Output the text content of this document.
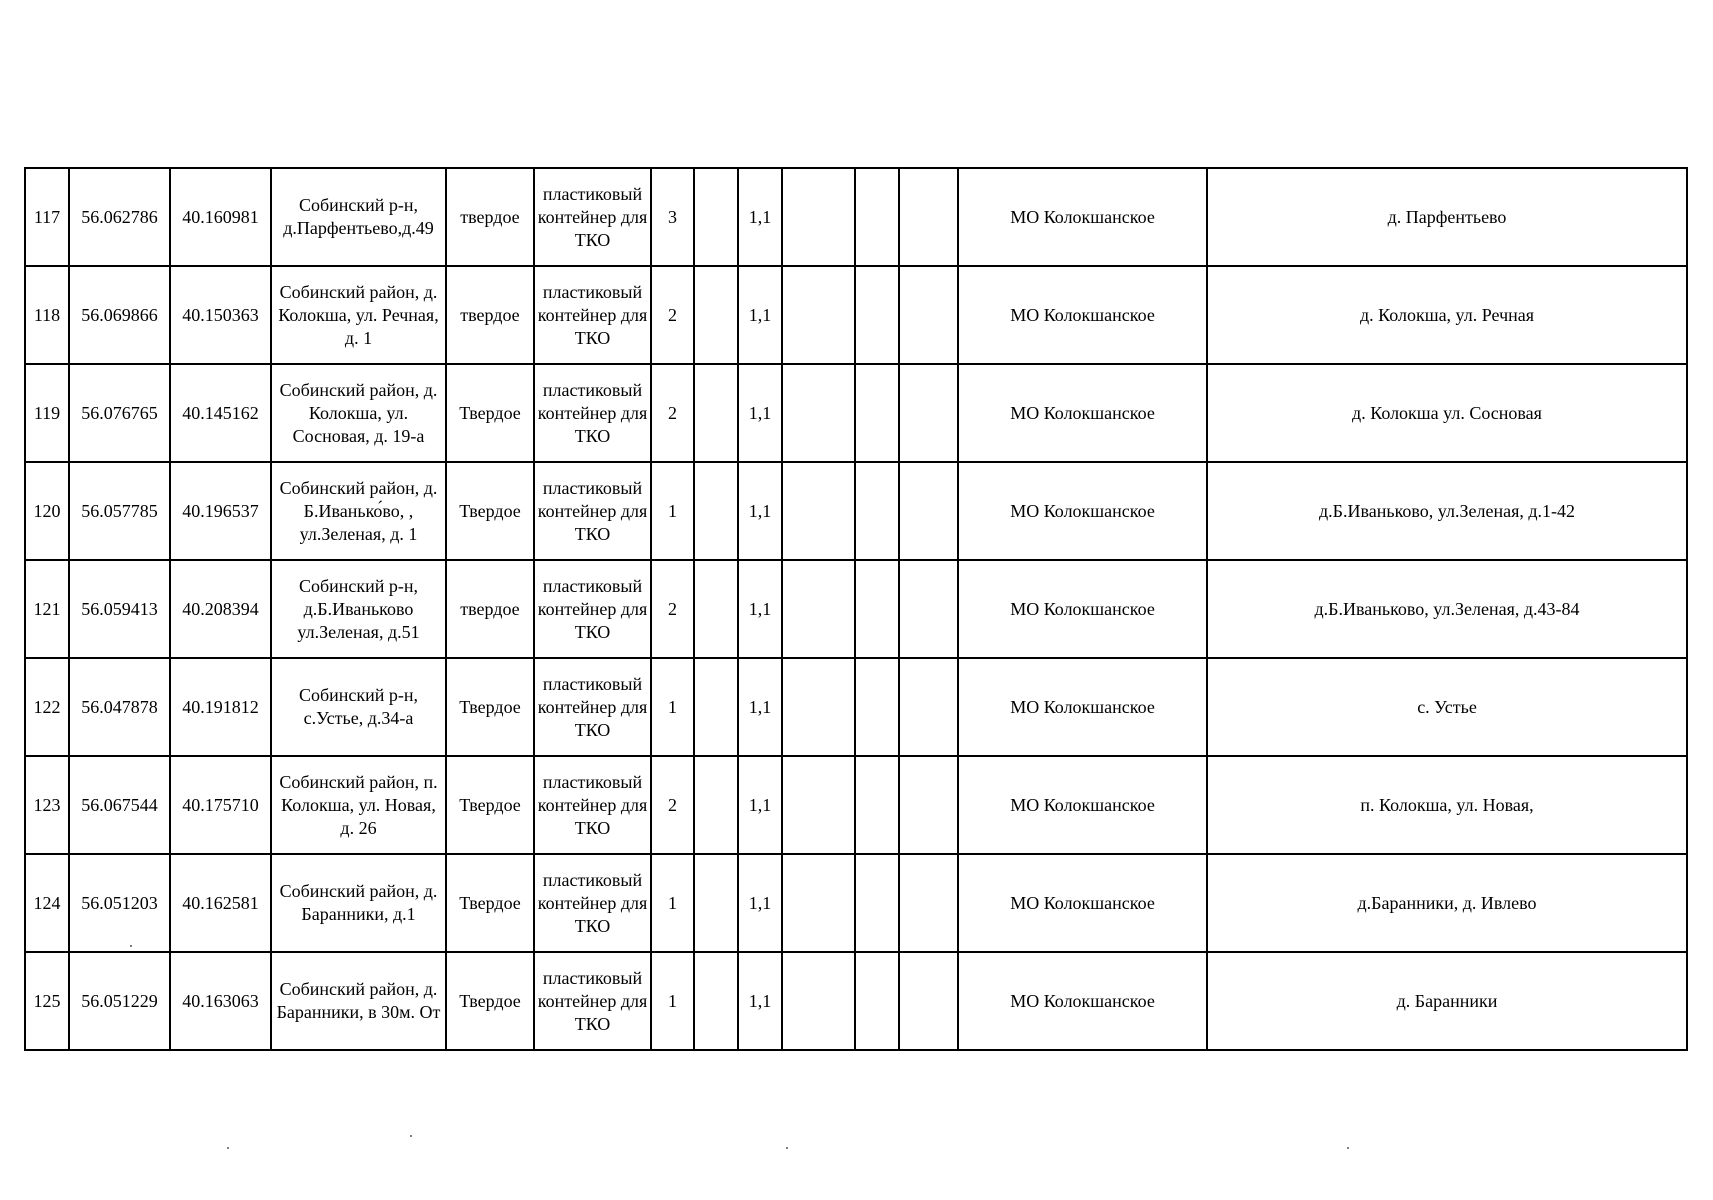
117	56.062786	40.160981	Собинский р-н, д.Парфентьево,д.49	твердое	пластиковый контейнер для ТКО	3		1,1				МО Колокшанское	д. Парфентьево
118	56.069866	40.150363	Собинский район, д. Колокша, ул. Речная, д. 1	твердое	пластиковый контейнер для ТКО	2		1,1				МО Колокшанское	д. Колокша, ул. Речная
119	56.076765	40.145162	Собинский район, д. Колокша, ул. Сосновая, д. 19-а	Твердое	пластиковый контейнер для ТКО	2		1,1				МО Колокшанское	д. Колокша ул. Сосновая
120	56.057785	40.196537	Собинский район, д. Б.Иванько́во, , ул.Зеленая, д. 1	Твердое	пластиковый контейнер для ТКО	1		1,1				МО Колокшанское	д.Б.Иваньково, ул.Зеленая, д.1-42
121	56.059413	40.208394	Собинский р-н, д.Б.Иваньково ул.Зеленая, д.51	твердое	пластиковый контейнер для ТКО	2		1,1				МО Колокшанское	д.Б.Иваньково, ул.Зеленая, д.43-84
122	56.047878	40.191812	Собинский р-н, с.Устье, д.34-а	Твердое	пластиковый контейнер для ТКО	1		1,1				МО Колокшанское	с. Устье
123	56.067544	40.175710	Собинский район, п. Колокша, ул. Новая, д. 26	Твердое	пластиковый контейнер для ТКО	2		1,1				МО Колокшанское	п. Колокша, ул. Новая,
124	56.051203	40.162581	Собинский район, д. Баранники, д.1	Твердое	пластиковый контейнер для ТКО	1		1,1				МО Колокшанское	д.Баранники, д. Ивлево
125	56.051229	40.163063	Собинский район, д. Баранники, в 30м. От	Твердое	пластиковый контейнер для ТКО	1		1,1				МО Колокшанское	д. Баранники
